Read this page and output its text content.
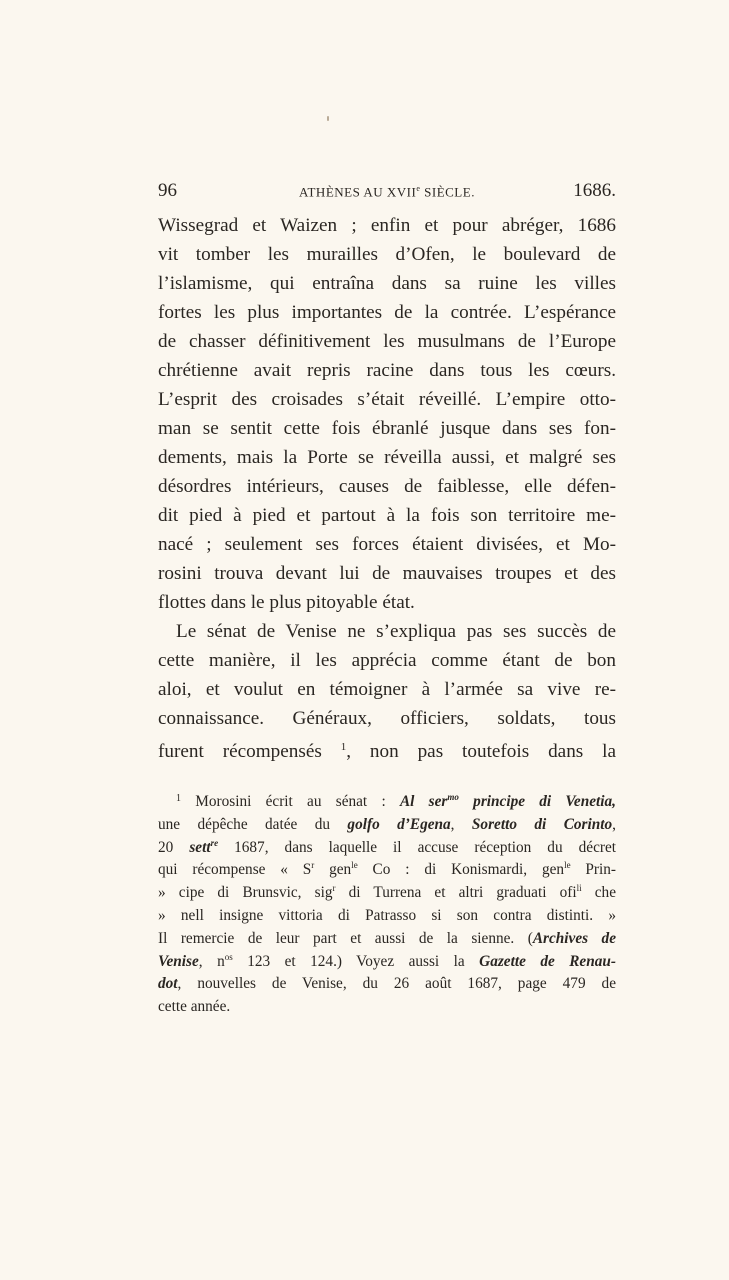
96	ATHÈNES AU XVIIe SIÈCLE.	1686.
Wissegrad et Waizen ; enfin et pour abréger, 1686
vit tomber les murailles d’Ofen, le boulevard de
l’islamisme, qui entraîna dans sa ruine les villes
fortes les plus importantes de la contrée. L’espérance
de chasser définitivement les musulmans de l’Europe
chrétienne avait repris racine dans tous les cœurs.
L’esprit des croisades s’était réveillé. L’empire otto-
man se sentit cette fois ébranlé jusque dans ses fon-
dements, mais la Porte se réveilla aussi, et malgré ses
désordres intérieurs, causes de faiblesse, elle défen-
dit pied à pied et partout à la fois son territoire me-
nacé ; seulement ses forces étaient divisées, et Mo-
rosini trouva devant lui de mauvaises troupes et des
flottes dans le plus pitoyable état.
Le sénat de Venise ne s’expliqua pas ses succès de
cette manière, il les apprécia comme étant de bon
aloi, et voulut en témoigner à l’armée sa vive re-
connaissance. Généraux, officiers, soldats, tous
furent récompensés $^1$, non pas toutefois dans la
$^1$ Morosini écrit au sénat : Al ser$^{mo}$ principe di Venetia,
une dépêche datée du golfo d’Egena, Soretto di Corinto,
20 sett$^{re}$ 1687, dans laquelle il accuse réception du décret
qui récompense « $S^r$ gen$^{le}$ Co : di Konismardi, gen$^{le}$ Prin-
» cipe di Brunsvic, sig$^r$ di Turrena et altri graduati ofi$^{li}$ che
» nell insigne vittoria di Patrasso si son contra distinti. »
Il remercie de leur part et aussi de la sienne. (Archives de
Venise, $n^{os}$ 123 et 124.) Voyez aussi la Gazette de Renau-
dot, nouvelles de Venise, du 26 août 1687, page 479 de
cette année.
